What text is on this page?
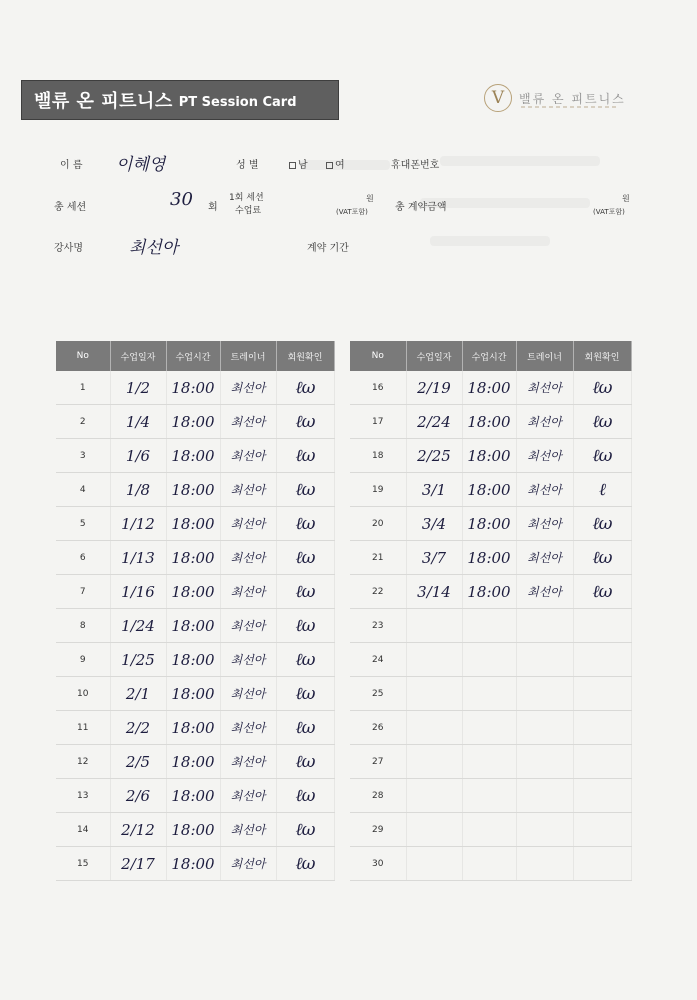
밸류 온 피트니스 PT Session Card	V	밸류 온 피트니스
이 름 이혜영	성 별	남	여	휴대폰번호
총 세션	30 회
1회 세션
수업료
원
(VAT포함)	총 계약금액
원
(VAT포함)
강사명	최선아	계약 기간
No	수업일자	수업시간	트레이너	회원확인
1	1/2	18:00	최선아	ℓω
2	1/4	18:00	최선아	ℓω
3	1/6	18:00	최선아	ℓω
4	1/8	18:00	최선아	ℓω
5	1/12	18:00	최선아	ℓω
6	1/13	18:00	최선아	ℓω
7	1/16	18:00	최선아	ℓω
8	1/24	18:00	최선아	ℓω
9	1/25	18:00	최선아	ℓω
10	2/1	18:00	최선아	ℓω
11	2/2	18:00	최선아	ℓω
12	2/5	18:00	최선아	ℓω
13	2/6	18:00	최선아	ℓω
14	2/12	18:00	최선아	ℓω
15	2/17	18:00	최선아	ℓω
No	수업일자	수업시간	트레이너	회원확인
16	2/19	18:00	최선아	ℓω
17	2/24	18:00	최선아	ℓω
18	2/25	18:00	최선아	ℓω
19	3/1	18:00	최선아	ℓ
20	3/4	18:00	최선아	ℓω
21	3/7	18:00	최선아	ℓω
22	3/14	18:00	최선아	ℓω
23				
24				
25				
26				
27				
28				
29				
30				
